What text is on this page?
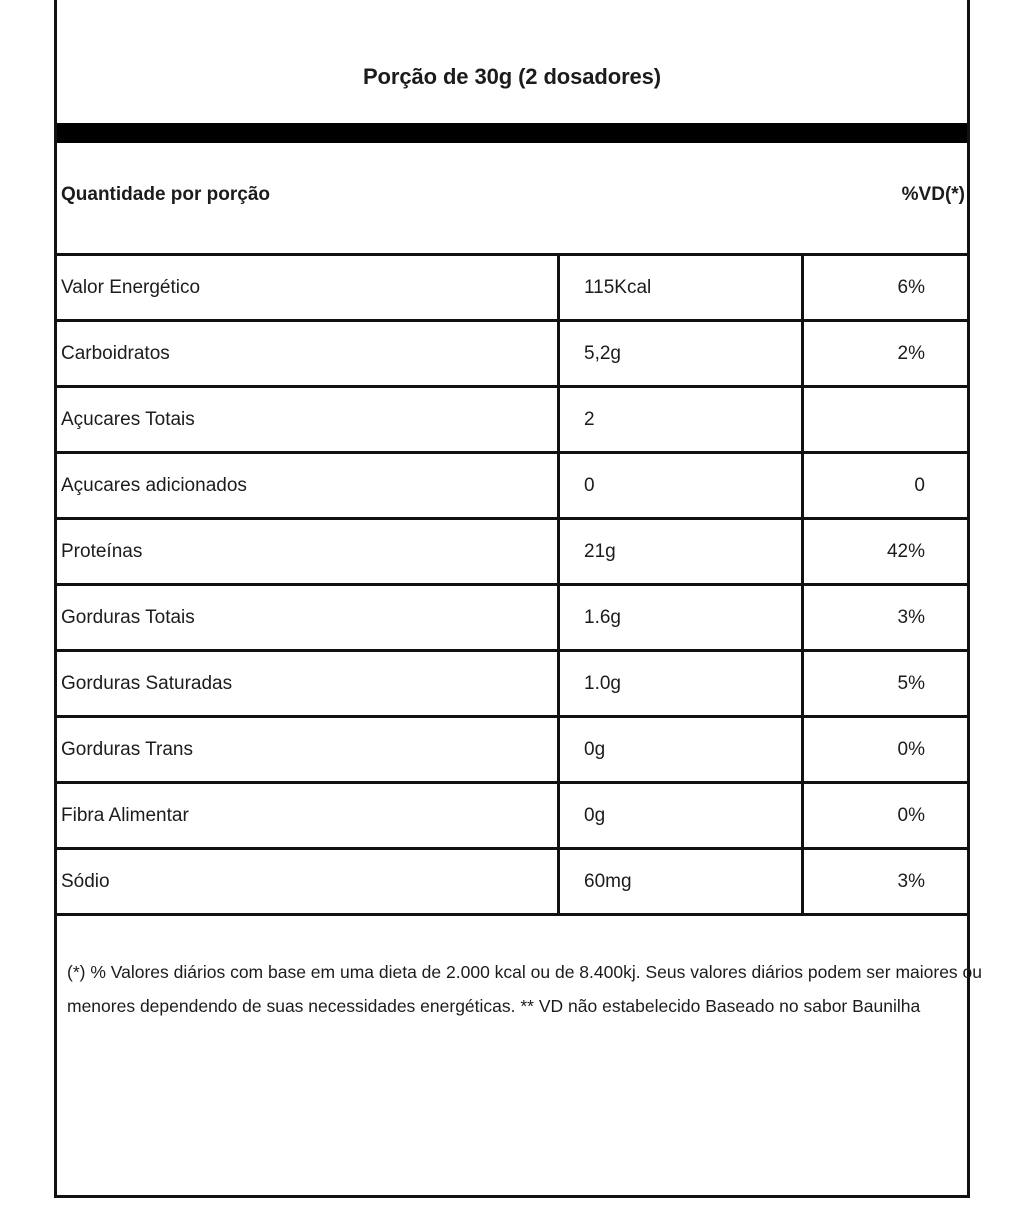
Porção de 30g (2 dosadores)
Quantidade por porção	%VD(*)
Valor Energético	115Kcal	6%
Carboidratos	5,2g	2%
Açucares Totais	2
Açucares adicionados	0	0
Proteínas	21g	42%
Gorduras Totais	1.6g	3%
Gorduras Saturadas	1.0g	5%
Gorduras Trans	0g	0%
Fibra Alimentar	0g	0%
Sódio	60mg	3%
(*) % Valores diários com base em uma dieta de 2.000 kcal ou de 8.400kj. Seus valores diários podem ser maiores ou menores dependendo de suas necessidades energéticas. ** VD não estabelecido Baseado no sabor Baunilha
